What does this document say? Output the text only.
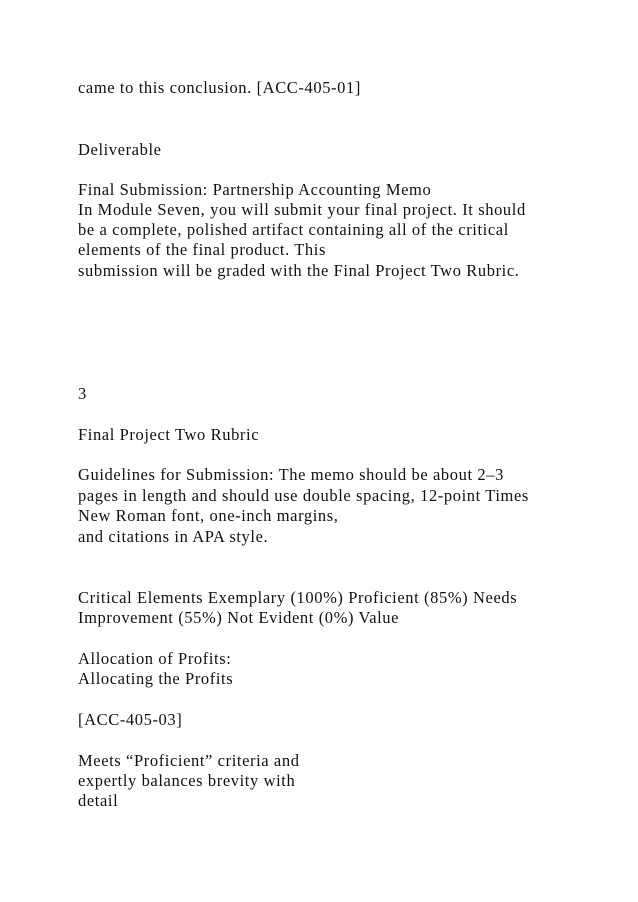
came to this conclusion. [ACC-405-01]

Deliverable

Final Submission: Partnership Accounting Memo

In Module Seven, you will submit your final project. It should

be a complete, polished artifact containing all of the critical

elements of the final product. This

submission will be graded with the Final Project Two Rubric.

3

Final Project Two Rubric

Guidelines for Submission: The memo should be about 2–3

pages in length and should use double spacing, 12-point Times

New Roman font, one-inch margins,

and citations in APA style.

Critical Elements Exemplary (100%) Proficient (85%) Needs

Improvement (55%) Not Evident (0%) Value

Allocation of Profits:

Allocating the Profits

[ACC-405-03]

Meets “Proficient” criteria and

expertly balances brevity with

detail
